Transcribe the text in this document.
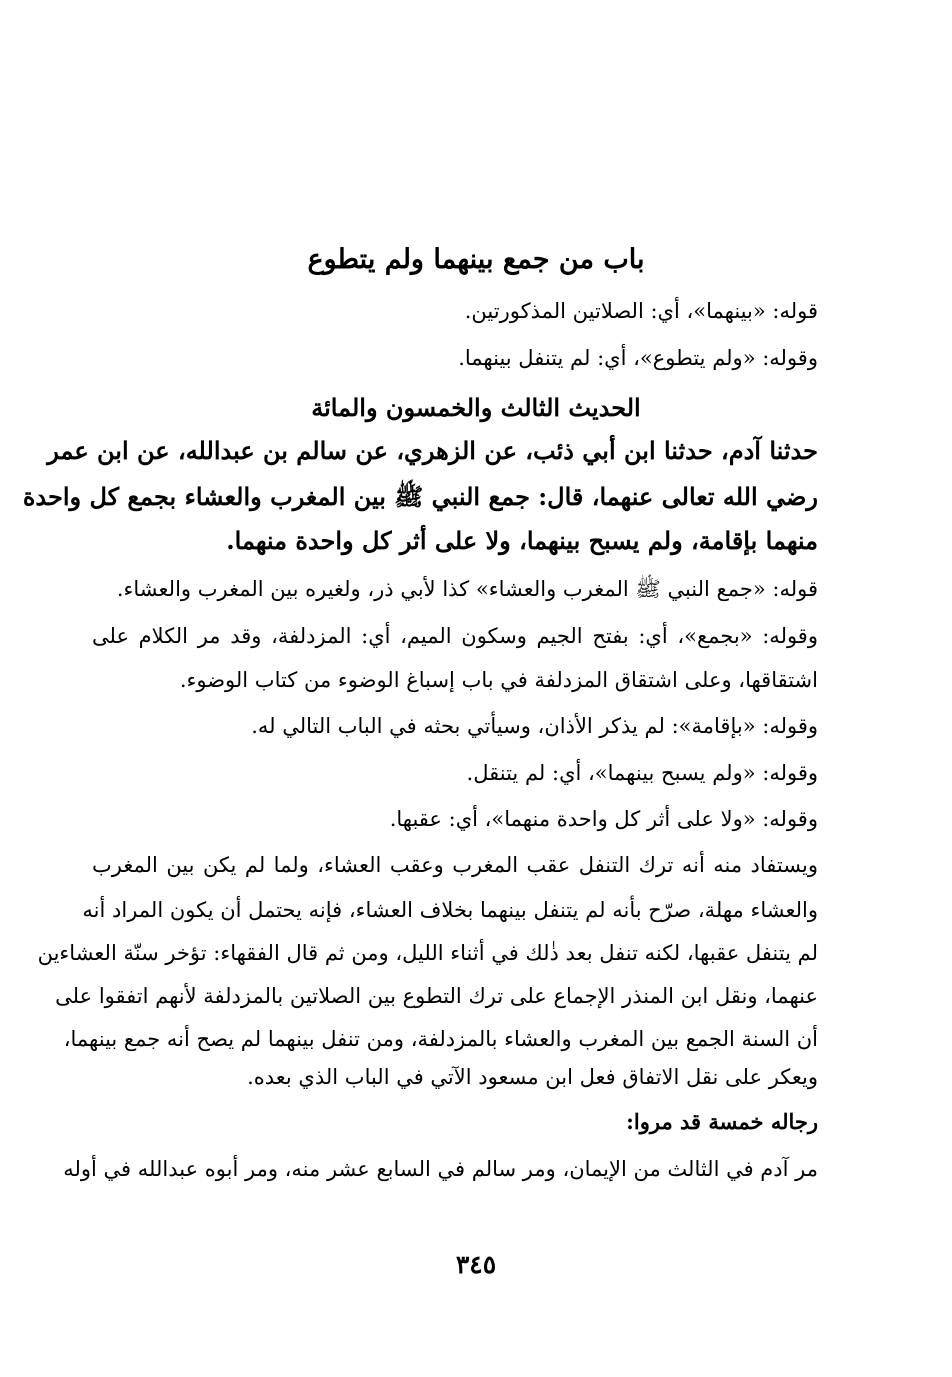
باب من جمع بينهما ولم يتطوع
قوله: «بينهما»، أي: الصلاتين المذكورتين.
وقوله: «ولم يتطوع»، أي: لم يتنفل بينهما.
الحديث الثالث والخمسون والمائة
حدثنا آدم، حدثنا ابن أبي ذئب، عن الزهري، عن سالم بن عبدالله، عن ابن عمر
رضي الله تعالى عنهما، قال: جمع النبي ﷺ بين المغرب والعشاء بجمع كل واحدة
منهما بإقامة، ولم يسبح بينهما، ولا على أثر كل واحدة منهما.
قوله: «جمع النبي ﷺ المغرب والعشاء» كذا لأبي ذر، ولغيره بين المغرب والعشاء.
وقوله: «بجمع»، أي: بفتح الجيم وسكون الميم، أي: المزدلفة، وقد مر الكلام على
اشتقاقها، وعلى اشتقاق المزدلفة في باب إسباغ الوضوء من كتاب الوضوء.
وقوله: «بإقامة»: لم يذكر الأذان، وسيأتي بحثه في الباب التالي له.
وقوله: «ولم يسبح بينهما»، أي: لم يتنقل.
وقوله: «ولا على أثر كل واحدة منهما»، أي: عقبها.
ويستفاد منه أنه ترك التنفل عقب المغرب وعقب العشاء، ولما لم يكن بين المغرب
والعشاء مهلة، صرّح بأنه لم يتنفل بينهما بخلاف العشاء، فإنه يحتمل أن يكون المراد أنه
لم يتنفل عقبها، لكنه تنفل بعد ذٰلك في أثناء الليل، ومن ثم قال الفقهاء: تؤخر سنّة العشاءين
عنهما، ونقل ابن المنذر الإجماع على ترك التطوع بين الصلاتين بالمزدلفة لأنهم اتفقوا على
أن السنة الجمع بين المغرب والعشاء بالمزدلفة، ومن تنفل بينهما لم يصح أنه جمع بينهما،
ويعكر على نقل الاتفاق فعل ابن مسعود الآتي في الباب الذي بعده.
رجاله خمسة قد مروا:
مر آدم في الثالث من الإيمان، ومر سالم في السابع عشر منه، ومر أبوه عبدالله في أوله
٣٤٥
